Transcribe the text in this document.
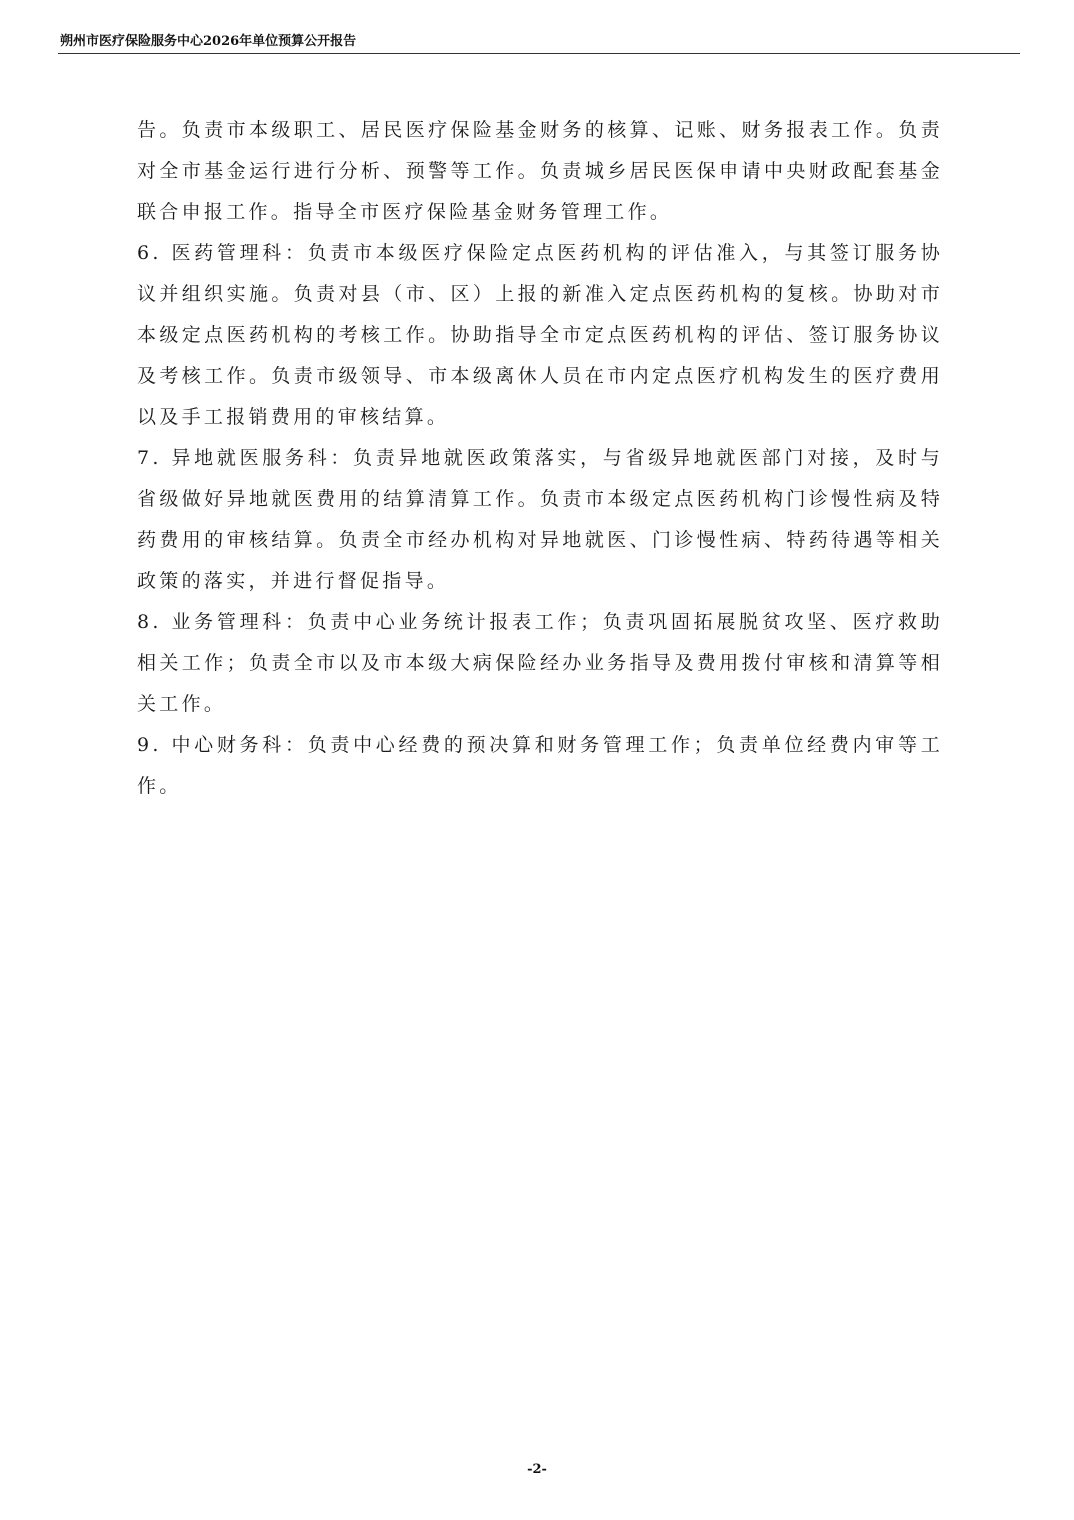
朔州市医疗保险服务中心2026年单位预算公开报告

告。负责市本级职工、居民医疗保险基金财务的核算、记账、财务报表工作。负责对全市基金运行进行分析、预警等工作。负责城乡居民医保申请中央财政配套基金联合申报工作。指导全市医疗保险基金财务管理工作。

6. 医药管理科：负责市本级医疗保险定点医药机构的评估准入，与其签订服务协议并组织实施。负责对县（市、区）上报的新准入定点医药机构的复核。协助对市本级定点医药机构的考核工作。协助指导全市定点医药机构的评估、签订服务协议及考核工作。负责市级领导、市本级离休人员在市内定点医疗机构发生的医疗费用以及手工报销费用的审核结算。

7. 异地就医服务科：负责异地就医政策落实，与省级异地就医部门对接，及时与省级做好异地就医费用的结算清算工作。负责市本级定点医药机构门诊慢性病及特药费用的审核结算。负责全市经办机构对异地就医、门诊慢性病、特药待遇等相关政策的落实，并进行督促指导。

8. 业务管理科：负责中心业务统计报表工作；负责巩固拓展脱贫攻坚、医疗救助相关工作；负责全市以及市本级大病保险经办业务指导及费用拨付审核和清算等相关工作。

9. 中心财务科：负责中心经费的预决算和财务管理工作；负责单位经费内审等工作。

-2-
